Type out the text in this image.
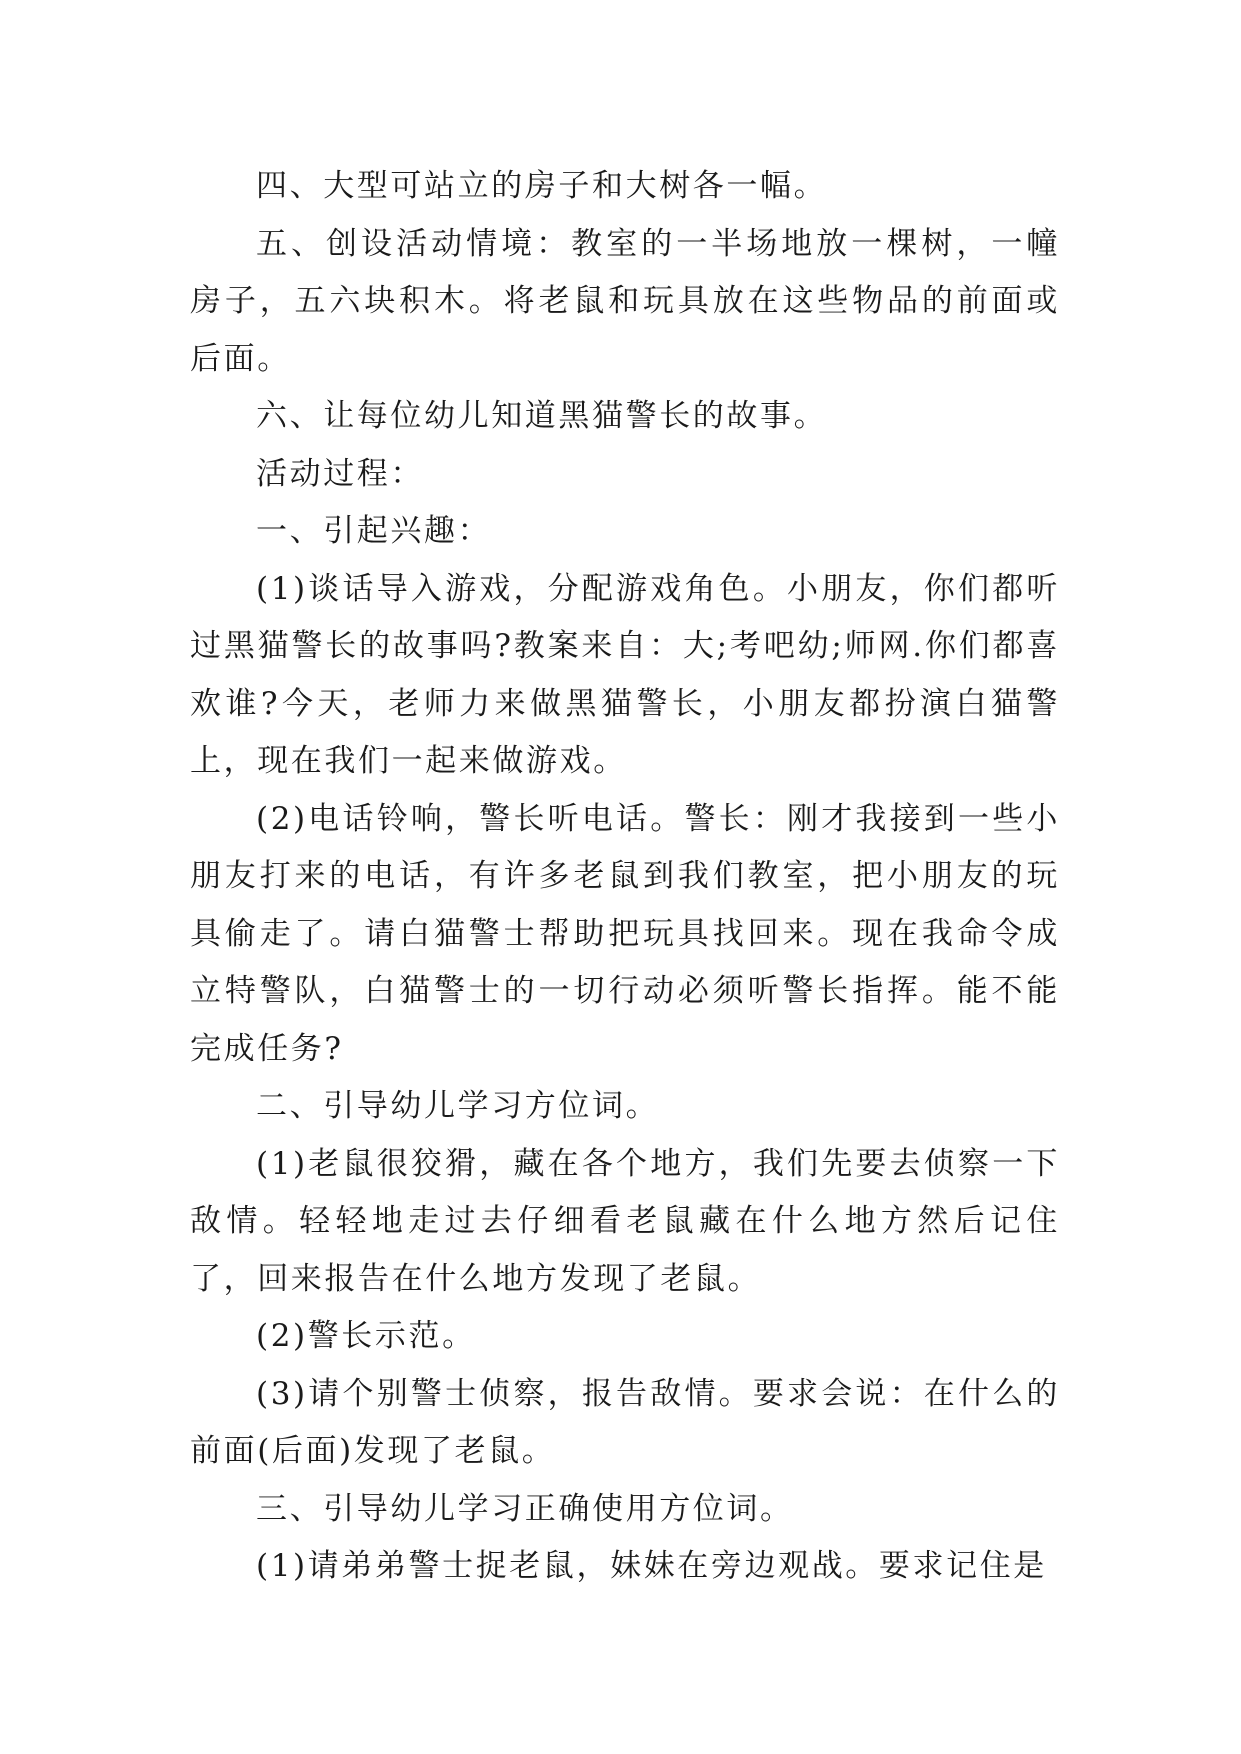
四、大型可站立的房子和大树各一幅。

五、创设活动情境：教室的一半场地放一棵树，一幢房子，五六块积木。将老鼠和玩具放在这些物品的前面或后面。

六、让每位幼儿知道黑猫警长的故事。

活动过程：

一、引起兴趣：

(1)谈话导入游戏，分配游戏角色。小朋友，你们都听过黑猫警长的故事吗?教案来自：大;考吧幼;师网.你们都喜欢谁?今天，老师力来做黑猫警长，小朋友都扮演白猫警上，现在我们一起来做游戏。

(2)电话铃响，警长听电话。警长：刚才我接到一些小朋友打来的电话，有许多老鼠到我们教室，把小朋友的玩具偷走了。请白猫警士帮助把玩具找回来。现在我命令成立特警队，白猫警士的一切行动必须听警长指挥。能不能完成任务?

二、引导幼儿学习方位词。

(1)老鼠很狡猾，藏在各个地方，我们先要去侦察一下敌情。轻轻地走过去仔细看老鼠藏在什么地方然后记住了，回来报告在什么地方发现了老鼠。

(2)警长示范。

(3)请个别警士侦察，报告敌情。要求会说：在什么的前面(后面)发现了老鼠。

三、引导幼儿学习正确使用方位词。

(1)请弟弟警士捉老鼠，妹妹在旁边观战。要求记住是
